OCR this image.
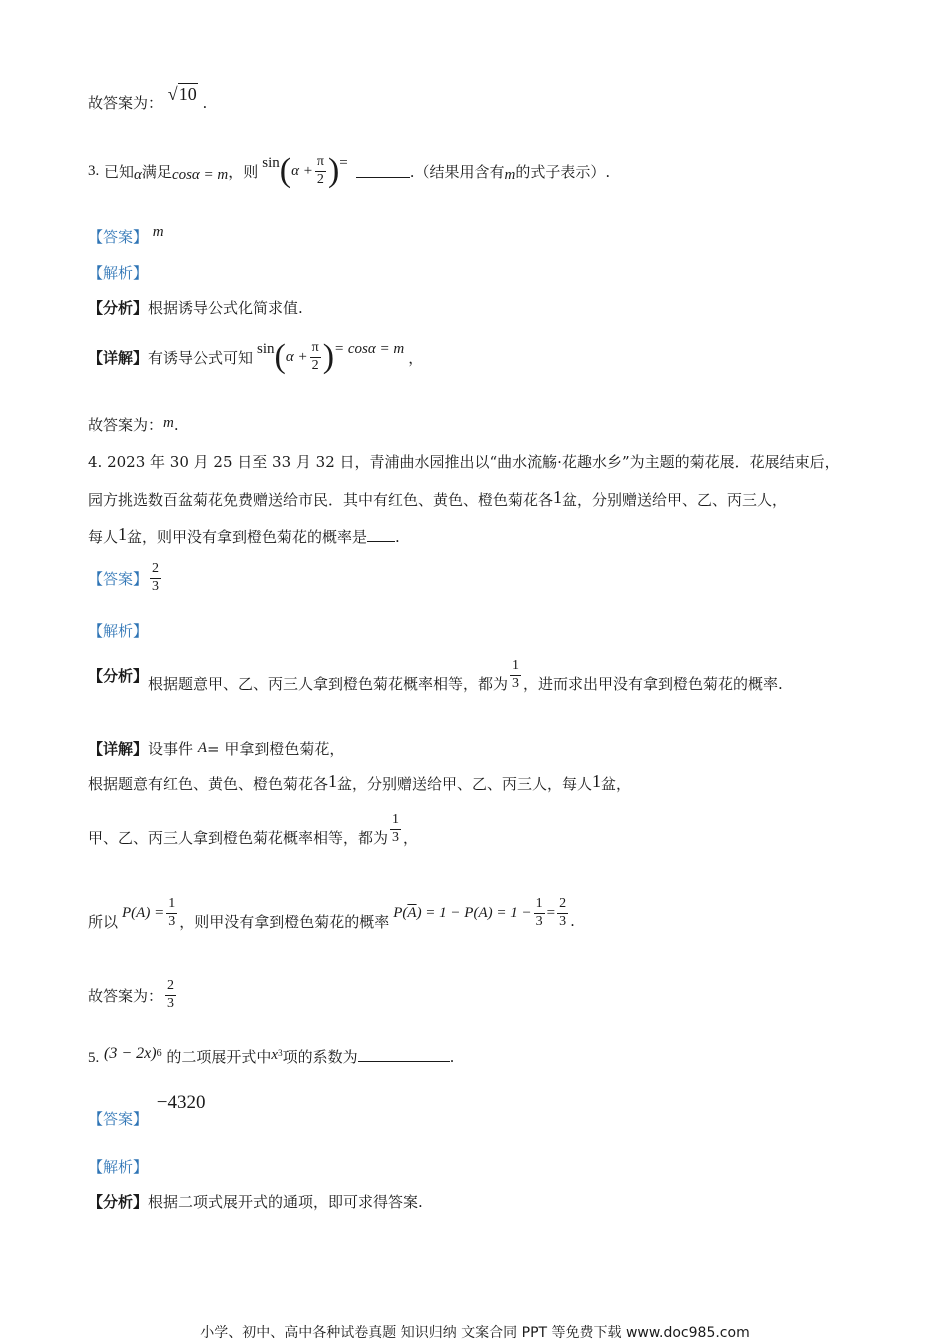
故答案为： √10 .
3.
已知 α 满足 cosα = m ，则 sin ( $\alpha + \frac{\pi}{2}$ ) =	.（结果用含有 m 的式子表示）.
【答案】 m
【解析】
【分析】根据诱导公式化简求值.
【详解】 有诱导公式可知 sin ( $\alpha + \frac{\pi}{2}$ ) = cosα = m ，
故答案为：m.
4. 2023 年 30 月 25 日至 33 月 32 日，青浦曲水园推出以“曲水流觞·花趣水乡”为主题的菊花展．花展结束后，
园方挑选数百盆菊花免费赠送给市民．其中有红色、黄色、橙色菊花各1盆，分别赠送给甲、乙、丙三人，
每人1盆，则甲没有拿到橙色菊花的概率是 .
【答案】 $\frac{2}{3}$
【解析】
【分析】 根据题意甲、乙、丙三人拿到橙色菊花概率相等，都为 $\frac{1}{3}$ ，进而求出甲没有拿到橙色菊花的概率.
【详解】设事件 A= 甲拿到橙色菊花，
根据题意有红色、黄色、橙色菊花各1盆，分别赠送给甲、乙、丙三人，每人1盆，
甲、乙、丙三人拿到橙色菊花概率相等，都为 $\frac{1}{3}$ ，
所以 $P(A) = \frac{1}{3}$ ，则甲没有拿到橙色菊花的概率 P( $\overline{A}$ ) = $1 - P(A) = 1 - \frac{1}{3} = \frac{2}{3}$ .
故答案为： $\frac{2}{3}$
5. $(3 - 2x)^6$ 的二项展开式中$x^3$项的系数为	.
【答案】 −4320
【解析】
【分析】根据二项式展开式的通项，即可求得答案.
小学、初中、高中各种试卷真题 知识归纳 文案合同 PPT 等免费下载 www.doc985.com
